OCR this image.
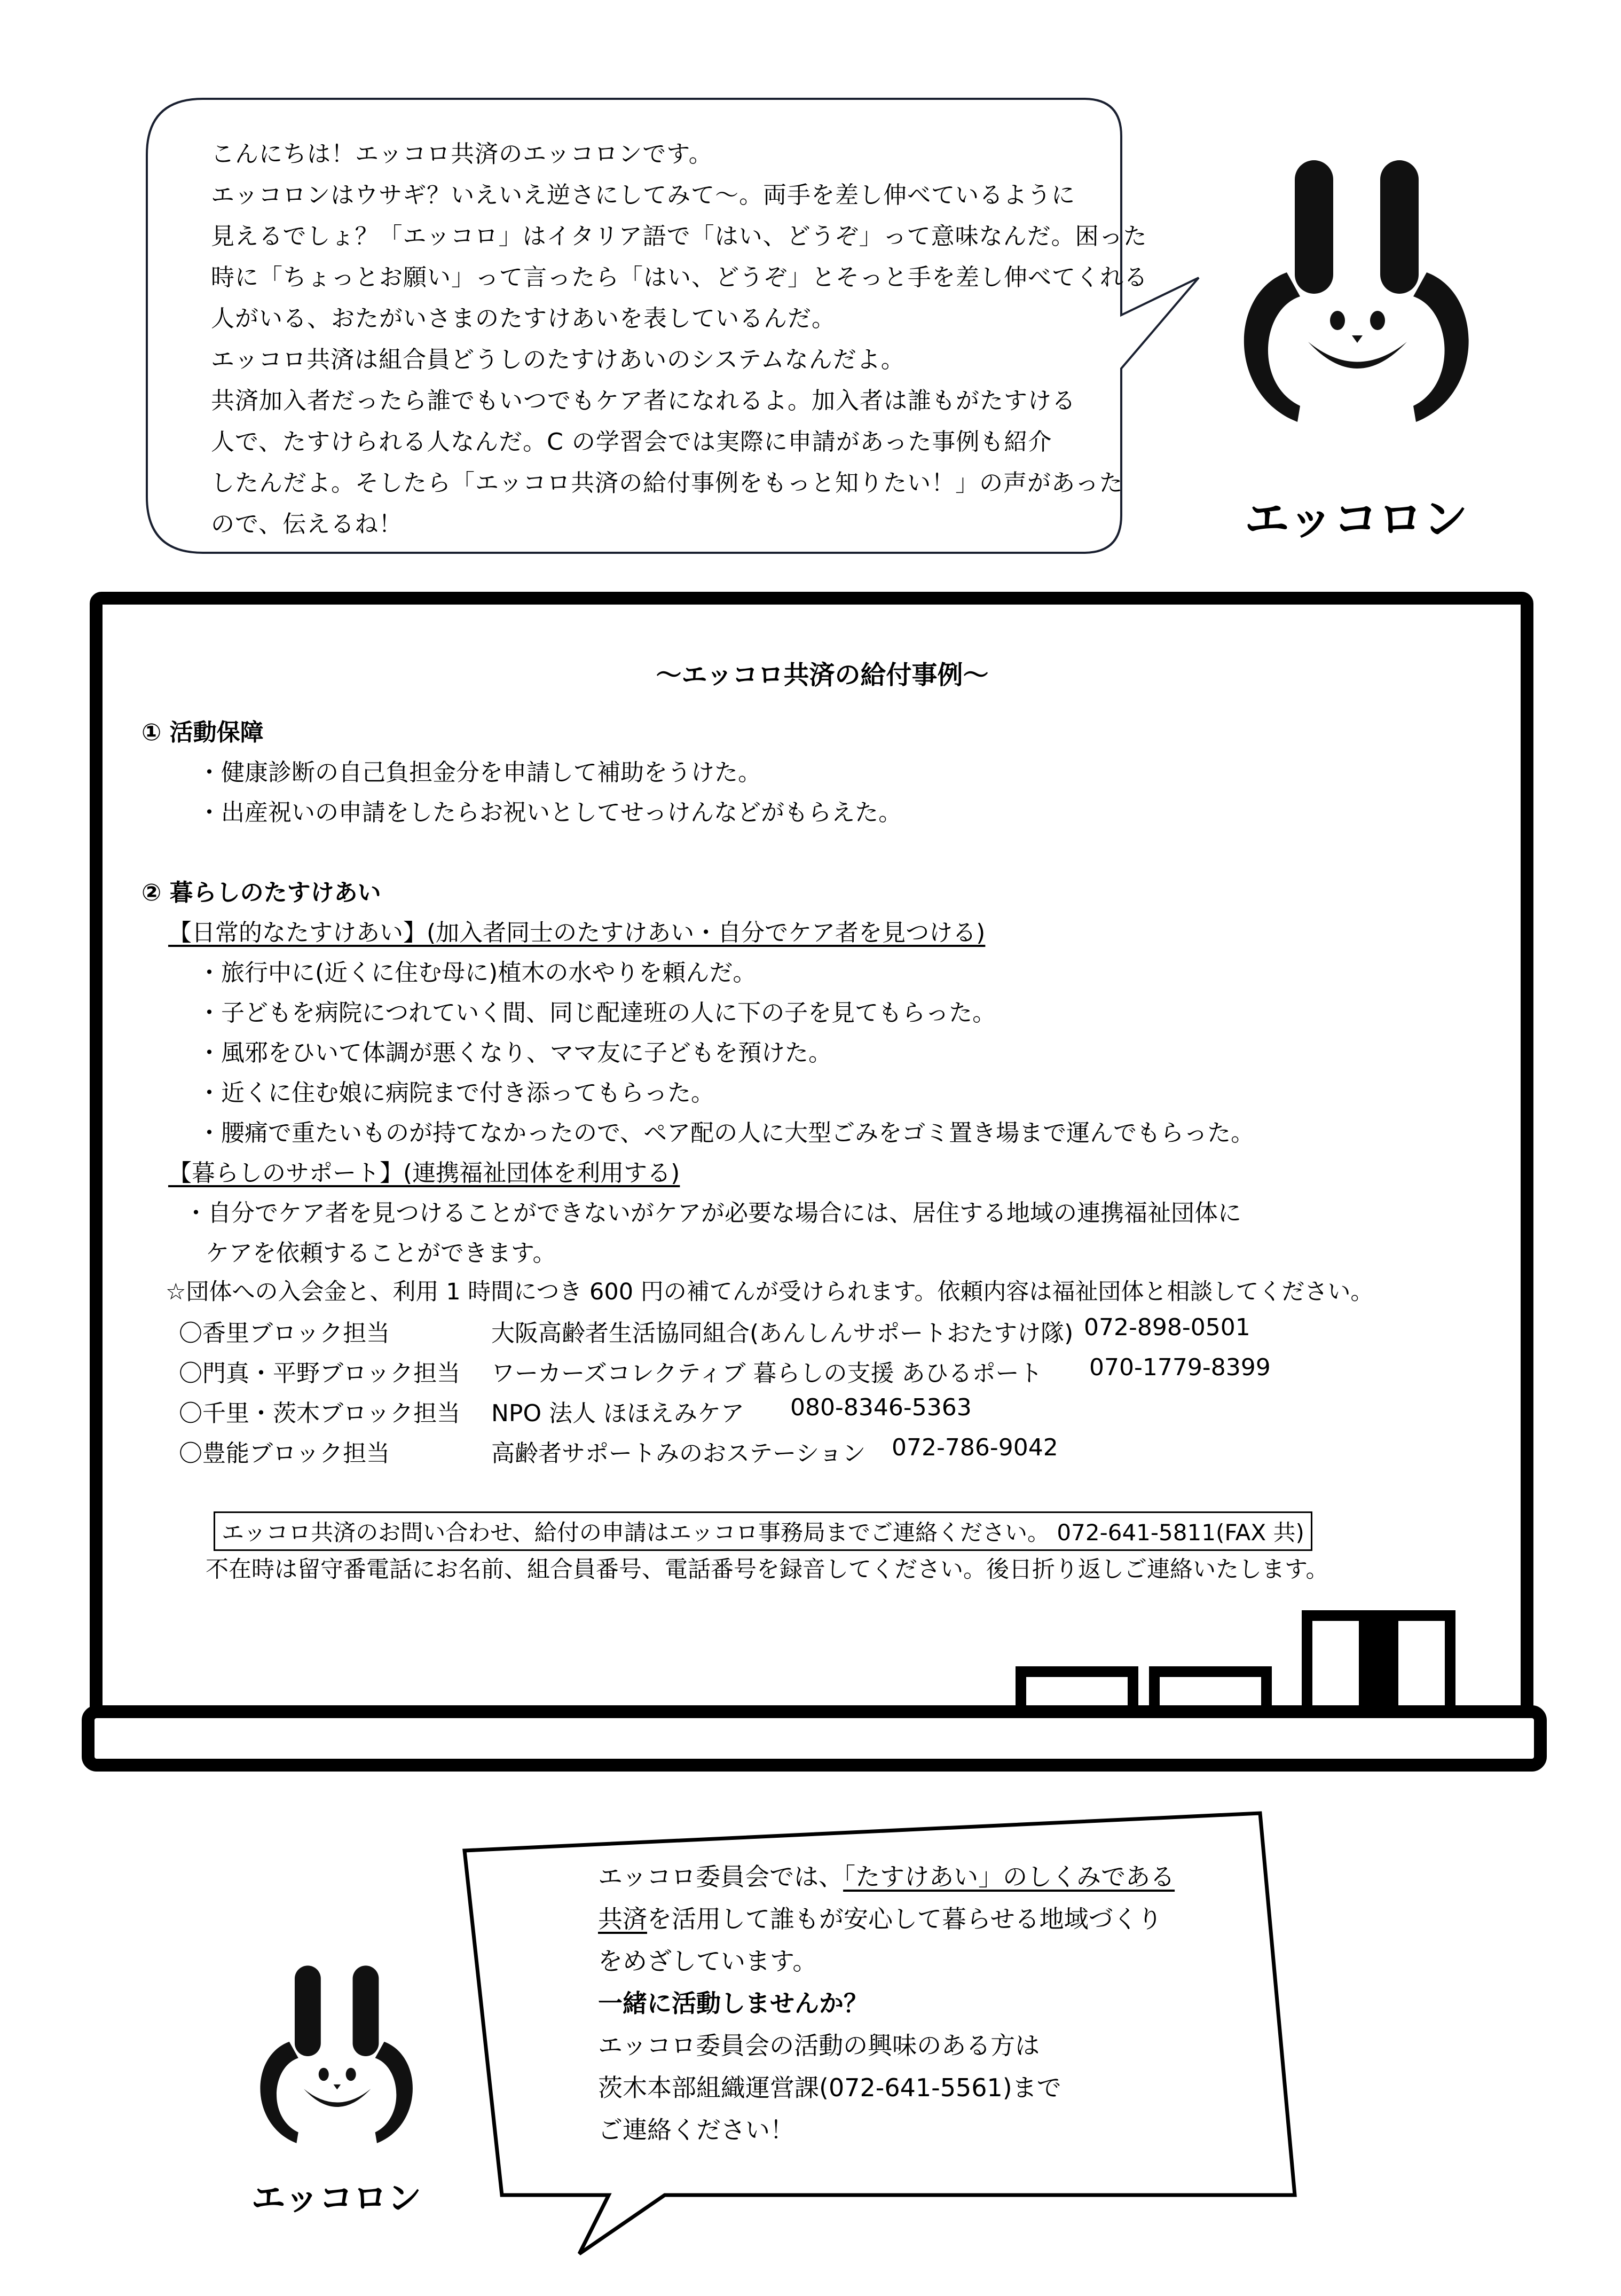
こんにちは！エッコロ共済のエッコロンです。
エッコロンはウサギ？いえいえ逆さにしてみて～。両手を差し伸べているように
見えるでしょ？「エッコロ」はイタリア語で「はい、どうぞ」って意味なんだ。困った
時に「ちょっとお願い」って言ったら「はい、どうぞ」とそっと手を差し伸べてくれる
人がいる、おたがいさまのたすけあいを表しているんだ。
エッコロ共済は組合員どうしのたすけあいのシステムなんだよ。
共済加入者だったら誰でもいつでもケア者になれるよ。加入者は誰もがたすける
人で、たすけられる人なんだ。C の学習会では実際に申請があった事例も紹介
したんだよ。そしたら「エッコロ共済の給付事例をもっと知りたい！」の声があった
ので、伝えるね！	エッコロン
～エッコロ共済の給付事例～
① 活動保障
・健康診断の自己負担金分を申請して補助をうけた。
・出産祝いの申請をしたらお祝いとしてせっけんなどがもらえた。
② 暮らしのたすけあい
【日常的なたすけあい】(加入者同士のたすけあい・自分でケア者を見つける)
・旅行中に(近くに住む母に)植木の水やりを頼んだ。
・子どもを病院につれていく間、同じ配達班の人に下の子を見てもらった。
・風邪をひいて体調が悪くなり、ママ友に子どもを預けた。
・近くに住む娘に病院まで付き添ってもらった。
・腰痛で重たいものが持てなかったので、ペア配の人に大型ごみをゴミ置き場まで運んでもらった。
【暮らしのサポート】(連携福祉団体を利用する)
・自分でケア者を見つけることができないがケアが必要な場合には、居住する地域の連携福祉団体に
ケアを依頼することができます。
☆団体への入会金と、利用 1 時間につき 600 円の補てんが受けられます。依頼内容は福祉団体と相談してください。
〇香里ブロック担当	大阪高齢者生活協同組合(あんしんサポートおたすけ隊) 072-898-0501
〇門真・平野ブロック担当 ワーカーズコレクティブ 暮らしの支援 あひるポート 070-1779-8399
〇千里・茨木ブロック担当 NPO 法人 ほほえみケア 080-8346-5363
〇豊能ブロック担当	高齢者サポートみのおステーション 072-786-9042
エッコロ共済のお問い合わせ、給付の申請はエッコロ事務局までご連絡ください。 072-641-5811(FAX 共)
不在時は留守番電話にお名前、組合員番号、電話番号を録音してください。後日折り返しご連絡いたします。
エッコロ委員会では、「たすけあい」のしくみである
共済を活用して誰もが安心して暮らせる地域づくり
をめざしています。
一緒に活動しませんか？
エッコロ委員会の活動の興味のある方は
茨木本部組織運営課(072-641-5561)まで
ご連絡ください！
エッコロン
